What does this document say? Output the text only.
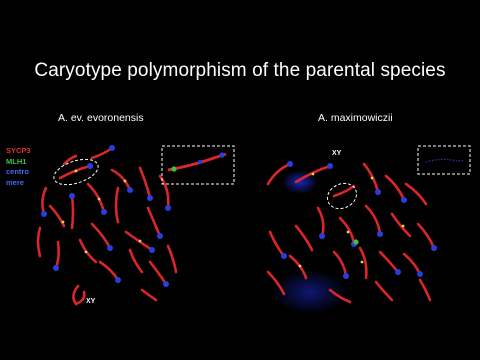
Caryotype polymorphism of the parental species
A. ev. evoronensis	A. maximowiczii
SYCP3
MLH1
centro
mere
XY
XY
